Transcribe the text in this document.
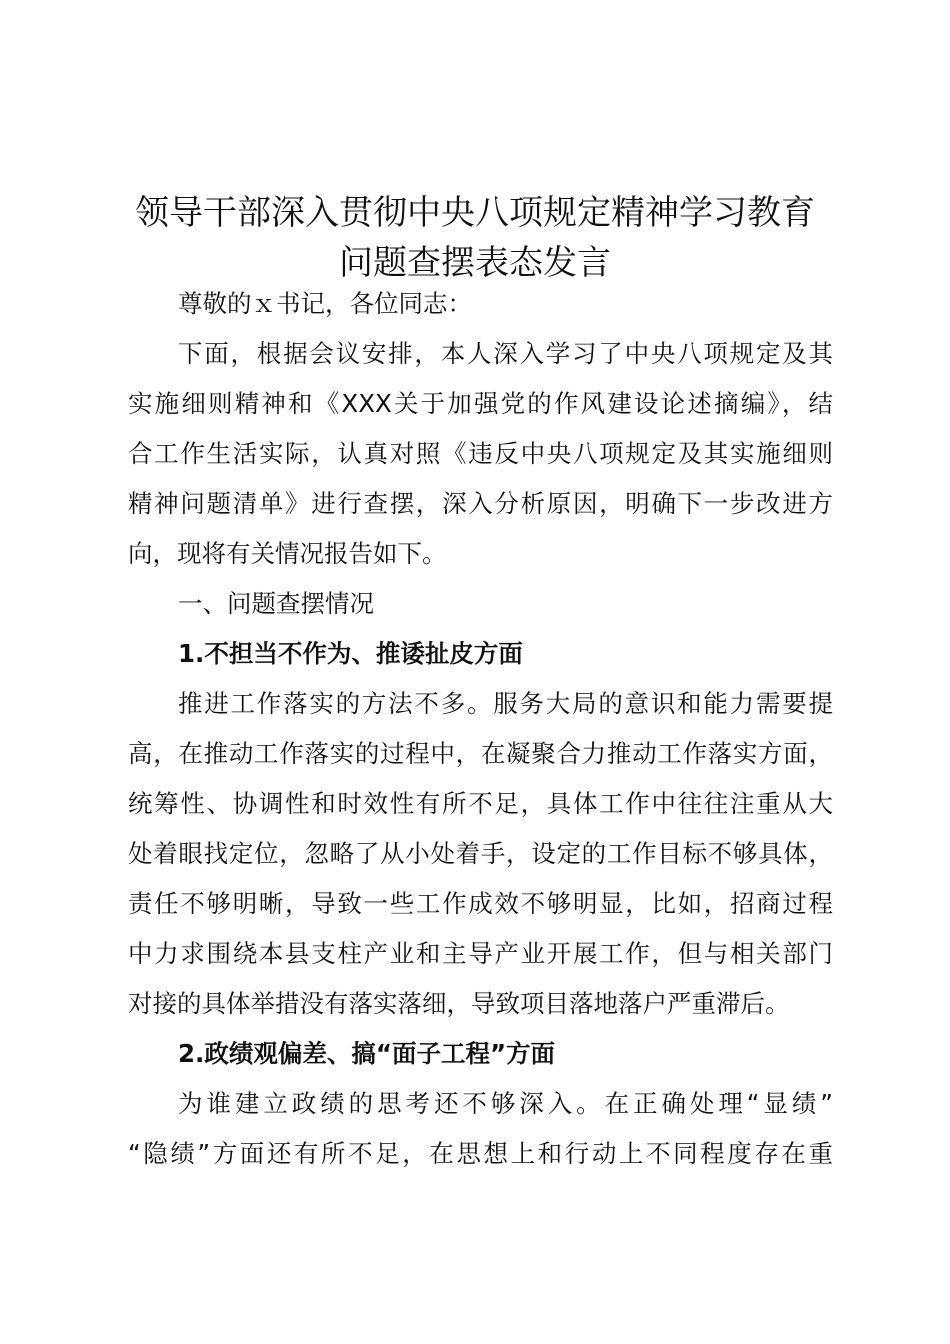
领导干部深入贯彻中央八项规定精神学习教育
问题查摆表态发言
尊敬的ｘ书记，各位同志：
下面，根据会议安排，本人深入学习了中央八项规定及其
实施细则精神和《XXX关于加强党的作风建设论述摘编》，结
合工作生活实际，认真对照《违反中央八项规定及其实施细则
精神问题清单》进行查摆，深入分析原因，明确下一步改进方
向，现将有关情况报告如下。
一、问题查摆情况
1.不担当不作为、推诿扯皮方面
推进工作落实的方法不多。服务大局的意识和能力需要提
高，在推动工作落实的过程中，在凝聚合力推动工作落实方面，
统筹性、协调性和时效性有所不足，具体工作中往往注重从大
处着眼找定位，忽略了从小处着手，设定的工作目标不够具体，
责任不够明晰，导致一些工作成效不够明显，比如，招商过程
中力求围绕本县支柱产业和主导产业开展工作，但与相关部门
对接的具体举措没有落实落细，导致项目落地落户严重滞后。
2.政绩观偏差、搞“面子工程”方面
为谁建立政绩的思考还不够深入。在正确处理“显绩”
“隐绩”方面还有所不足，在思想上和行动上不同程度存在重
